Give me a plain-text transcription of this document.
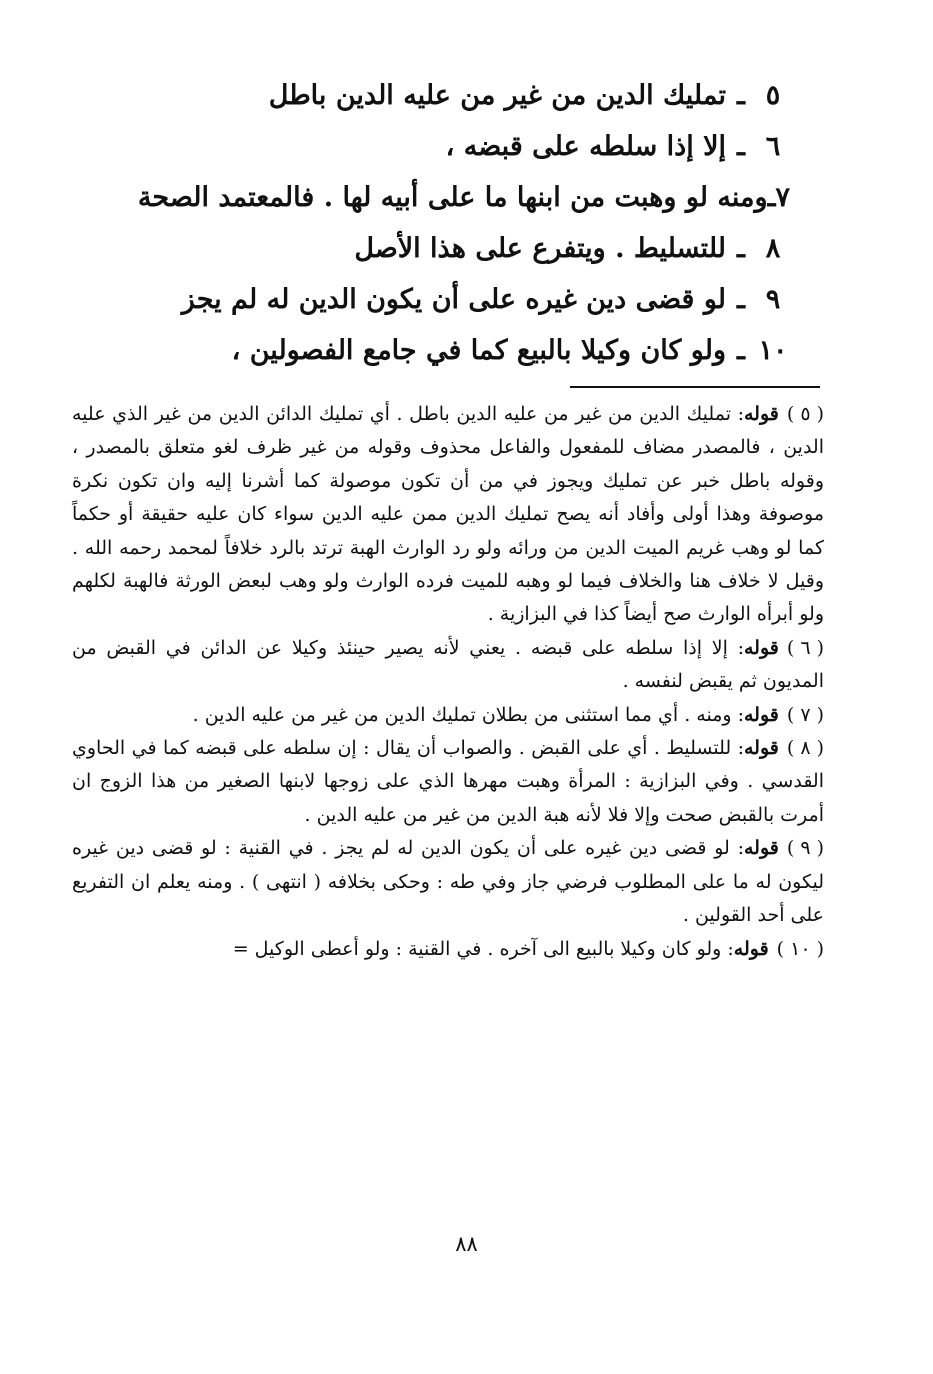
٥
ـ
تمليك الدين من غير من عليه الدين باطل
٦
ـ
إلا إذا سلطه على قبضه ،
٧
ـ
ومنه لو وهبت من ابنها ما على أبيه لها . فالمعتمد الصحة
٨
ـ
للتسليط . ويتفرع على هذا الأصل
٩
ـ
لو قضى دين غيره على أن يكون الدين له لم يجز
١٠
ـ
ولو كان وكيلا بالبيع كما في جامع الفصولين ،

( ٥ )قوله: تمليك الدين من غير من عليه الدين باطل . أي تمليك الدائن الدين من غير الذي عليه الدين ، فالمصدر مضاف للمفعول والفاعل محذوف وقوله من غير ظرف لغو متعلق بالمصدر ، وقوله باطل خبر عن تمليك ويجوز في من أن تكون موصولة كما أشرنا إليه وان تكون نكرة موصوفة وهذا أولى وأفاد أنه يصح تمليك الدين ممن عليه الدين سواء كان عليه حقيقة أو حكماً كما لو وهب غريم الميت الدين من ورائه ولو رد الوارث الهبة ترتد بالرد خلافاً لمحمد رحمه الله . وقيل لا خلاف هنا والخلاف فيما لو وهبه للميت فرده الوارث ولو وهب لبعض الورثة فالهبة لكلهم ولو أبرأه الوارث صح أيضاً كذا في البزازية .

( ٦ )قوله: إلا إذا سلطه على قبضه . يعني لأنه يصير حينئذ وكيلا عن الدائن في القبض من المديون ثم يقبض لنفسه .

( ٧ )قوله: ومنه . أي مما استثنى من بطلان تمليك الدين من غير من عليه الدين .

( ٨ )قوله: للتسليط . أي على القبض . والصواب أن يقال : إن سلطه على قبضه كما في الحاوي القدسي . وفي البزازية : المرأة وهبت مهرها الذي على زوجها لابنها الصغير من هذا الزوج ان أمرت بالقبض صحت وإلا فلا لأنه هبة الدين من غير من عليه الدين .

( ٩ )قوله: لو قضى دين غيره على أن يكون الدين له لم يجز . في القنية : لو قضى دين غيره ليكون له ما على المطلوب فرضي جاز وفي طه : وحكى بخلافه ( انتهى ) . ومنه يعلم ان التفريع على أحد القولين .

( ١٠ )قوله: ولو كان وكيلا بالبيع الى آخره . في القنية : ولو أعطى الوكيل =

٨٨
